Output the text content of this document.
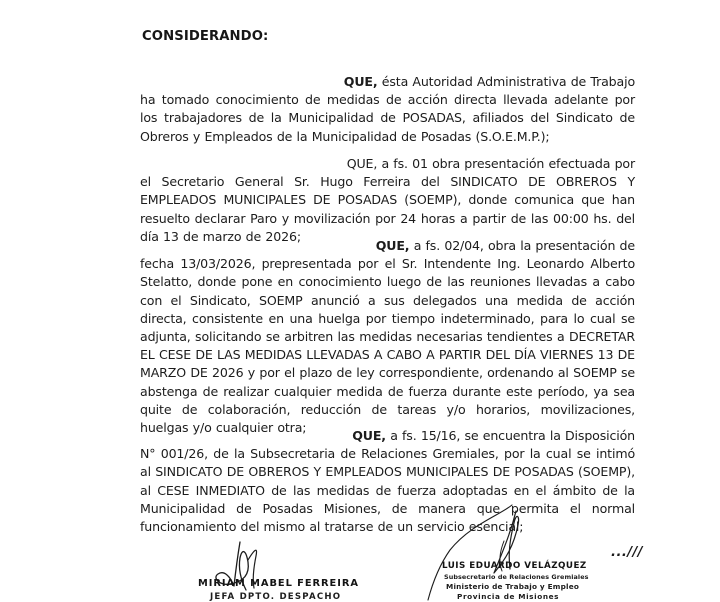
CONSIDERANDO:
QUE, ésta Autoridad Administrativa de Trabajo
ha tomado conocimiento de medidas de acción directa llevada adelante por los trabajadores de la Municipalidad de POSADAS, afiliados del Sindicato de Obreros y Empleados de la Municipalidad de Posadas (S.O.E.M.P.);
QUE, a fs. 01 obra presentación efectuada por
el Secretario General Sr. Hugo Ferreira del SINDICATO DE OBREROS Y EMPLEADOS MUNICIPALES DE POSADAS (SOEMP), donde comunica que han resuelto declarar Paro y movilización por 24 horas a partir de las 00:00 hs. del día 13 de marzo de 2026;
QUE, a fs. 02/04, obra la presentación de
fecha 13/03/2026, prepresentada por el Sr. Intendente Ing. Leonardo Alberto Stelatto, donde pone en conocimiento luego de las reuniones llevadas a cabo con el Sindicato, SOEMP anunció a sus delegados una medida de acción directa, consistente en una huelga por tiempo indeterminado, para lo cual se adjunta, solicitando se arbitren las medidas necesarias tendientes a DECRETAR EL CESE DE LAS MEDIDAS LLEVADAS A CABO A PARTIR DEL DÍA VIERNES 13 DE MARZO DE 2026 y por el plazo de ley correspondiente, ordenando al SOEMP se abstenga de realizar cualquier medida de fuerza durante este período, ya sea quite de colaboración, reducción de tareas y/o horarios, movilizaciones, huelgas y/o cualquier otra;
QUE, a fs. 15/16, se encuentra la Disposición
N° 001/26, de la Subsecretaria de Relaciones Gremiales, por la cual se intimó al SINDICATO DE OBREROS Y EMPLEADOS MUNICIPALES DE POSADAS (SOEMP), al CESE INMEDIATO de las medidas de fuerza adoptadas en el ámbito de la Municipalidad de Posadas Misiones, de manera que permita el normal funcionamiento del mismo al tratarse de un servicio esencial;
...///
MIRIAM MABEL FERREIRA
JEFA DPTO. DESPACHO
LUIS EDUARDO VELÁZQUEZ
Subsecretario de Relaciones Gremiales
Ministerio de Trabajo y Empleo
Provincia de Misiones
